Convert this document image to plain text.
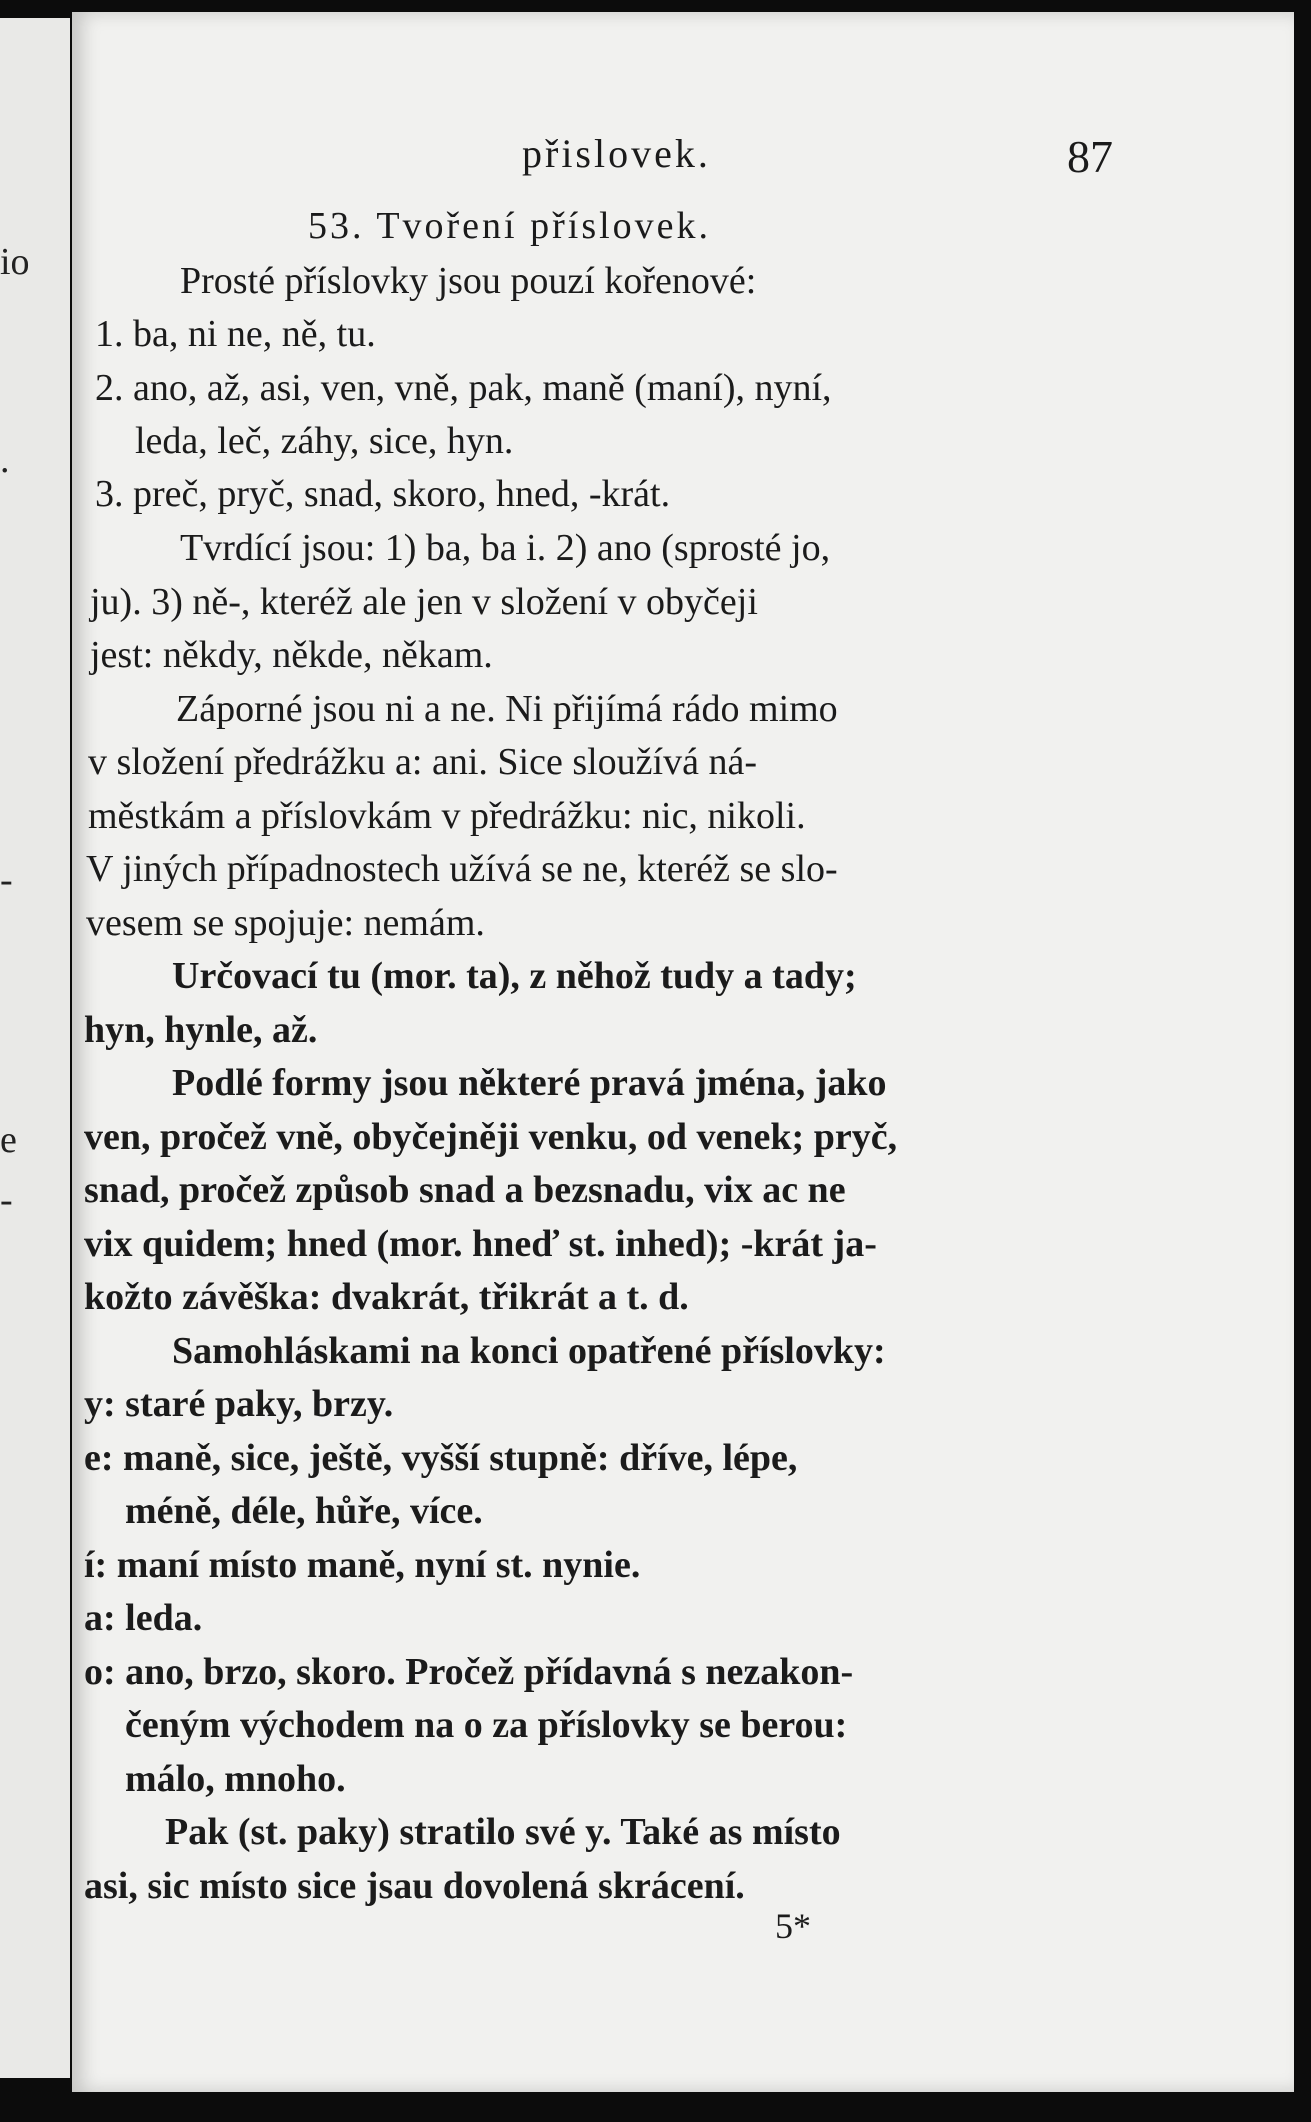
io
.
-
e
-
přislovek.	87
53. Tvoření příslovek.
Prosté příslovky jsou pouzí kořenové:
1. ba, ni ne, ně, tu.
2. ano, až, asi, ven, vně, pak, maně (maní), nyní,
leda, leč, záhy, sice, hyn.
3. preč, pryč, snad, skoro, hned, -krát.
Tvrdící jsou: 1) ba, ba i. 2) ano (sprosté jo,
ju). 3) ně-, kteréž ale jen v složení v obyčeji
jest: někdy, někde, někam.
Záporné jsou ni a ne. Ni přijímá rádo mimo
v složení předrážku a: ani. Sice sloužívá ná-
městkám a příslovkám v předrážku: nic, nikoli.
V jiných případnostech užívá se ne, kteréž se slo-
vesem se spojuje: nemám.
Určovací tu (mor. ta), z něhož tudy a tady;
hyn, hynle, až.
Podlé formy jsou některé pravá jména, jako
ven, pročež vně, obyčejněji venku, od venek; pryč,
snad, pročež způsob snad a bezsnadu, vix ac ne
vix quidem; hned (mor. hneď st. inhed); -krát ja-
kožto závěška: dvakrát, třikrát a t. d.
Samohláskami na konci opatřené příslovky:
y: staré paky, brzy.
e: maně, sice, ještě, vyšší stupně: dříve, lépe,
méně, déle, hůře, více.
í: maní místo maně, nyní st. nynie.
a: leda.
o: ano, brzo, skoro. Pročež přídavná s nezakon-
čeným východem na o za příslovky se berou:
málo, mnoho.
Pak (st. paky) stratilo své y. Také as místo
asi, sic místo sice jsau dovolená skrácení.
5*
